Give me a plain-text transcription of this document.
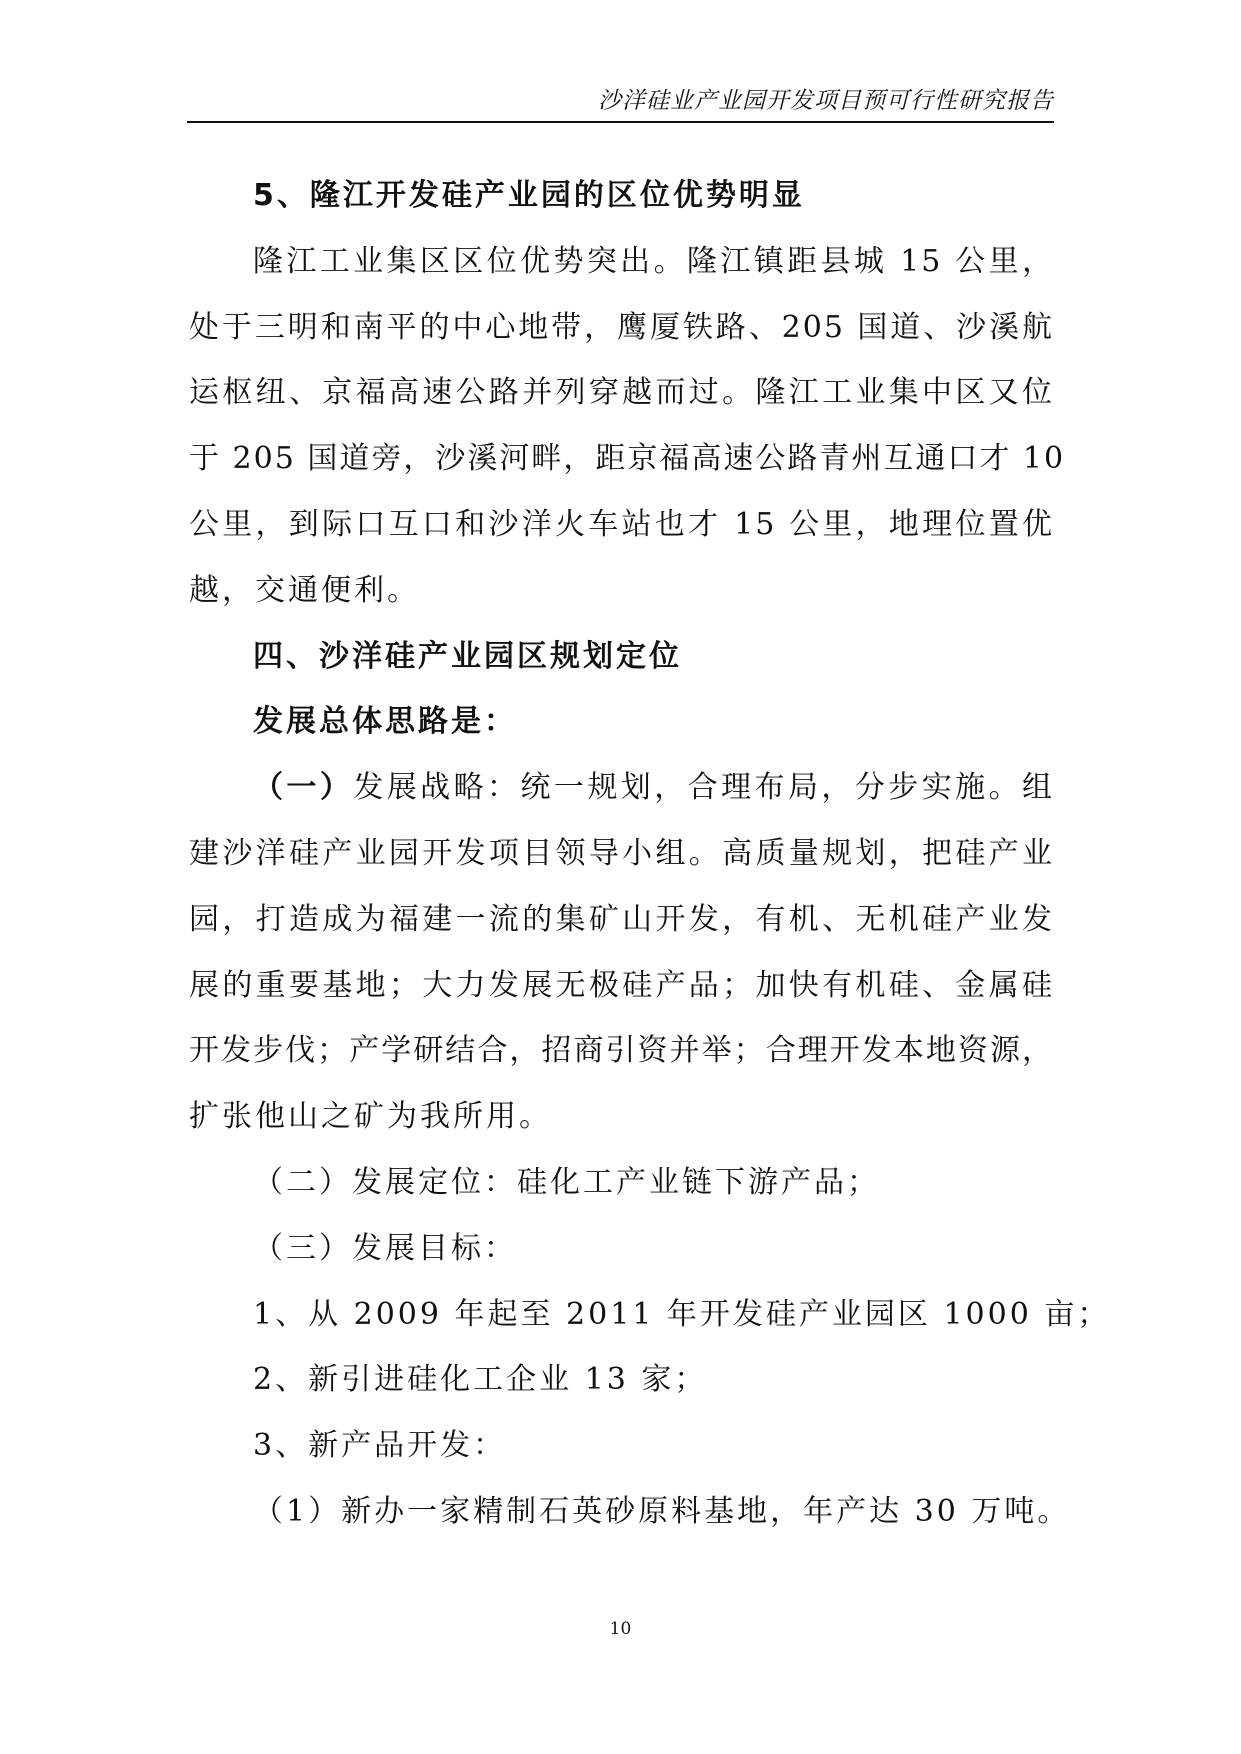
沙洋硅业产业园开发项目预可行性研究报告
5、隆江开发硅产业园的区位优势明显
隆江工业集区区位优势突出。隆江镇距县城 15 公里，
处于三明和南平的中心地带，鹰厦铁路、205 国道、沙溪航
运枢纽、京福高速公路并列穿越而过。隆江工业集中区又位
于 205 国道旁，沙溪河畔，距京福高速公路青州互通口才 10
公里，到际口互口和沙洋火车站也才 15 公里，地理位置优
越，交通便利。
四、沙洋硅产业园区规划定位
发展总体思路是：
（一）发展战略：统一规划，合理布局，分步实施。组
建沙洋硅产业园开发项目领导小组。高质量规划，把硅产业
园，打造成为福建一流的集矿山开发，有机、无机硅产业发
展的重要基地；大力发展无极硅产品；加快有机硅、金属硅
开发步伐；产学研结合，招商引资并举；合理开发本地资源，
扩张他山之矿为我所用。
（二）发展定位：硅化工产业链下游产品；
（三）发展目标：
1、从 2009 年起至 2011 年开发硅产业园区 1000 亩；
2、新引进硅化工企业 13 家；
3、新产品开发：
（1）新办一家精制石英砂原料基地，年产达 30 万吨。
10
